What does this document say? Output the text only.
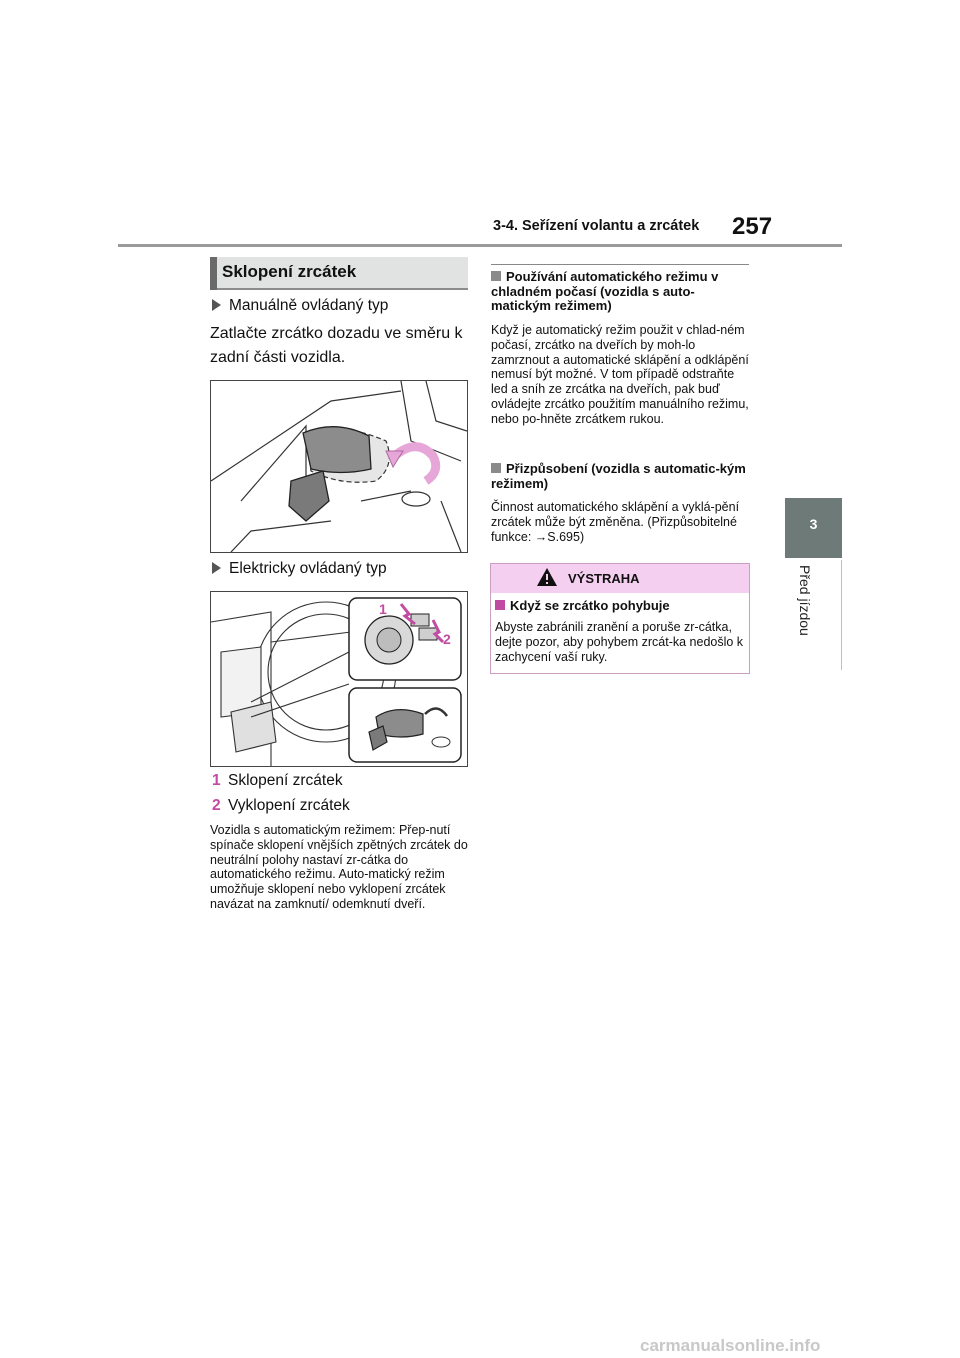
3-4. Seřízení volantu a zrcátek 257
3
Před jízdou
Sklopení zrcátek
Manuálně ovládaný typ
Zatlačte zrcátko dozadu ve směru k zadní části vozidla.
Elektricky ovládaný typ
1
2
1 Sklopení zrcátek
2 Vyklopení zrcátek
Vozidla s automatickým režimem: Přep-nutí spínače sklopení vnějších zpětných zrcátek do neutrální polohy nastaví zr-cátka do automatického režimu. Auto-matický režim umožňuje sklopení nebo vyklopení zrcátek navázat na zamknutí/ odemknutí dveří.
Používání automatického režimu v chladném počasí (vozidla s auto-matickým režimem)
Když je automatický režim použit v chlad-ném počasí, zrcátko na dveřích by moh-lo zamrznout a automatické sklápění a odklápění nemusí být možné. V tom případě odstraňte led a sníh ze zrcátka na dveřích, pak buď ovládejte zrcátko použitím manuálního režimu, nebo po-hněte zrcátkem rukou.
Přizpůsobení (vozidla s automatic-kým režimem)
Činnost automatického sklápění a vyklá-pění zrcátek může být změněna. (Přizpůsobitelné funkce: →S.695)
VÝSTRAHA
Když se zrcátko pohybuje
Abyste zabránili zranění a poruše zr-cátka, dejte pozor, aby pohybem zrcát-ka nedošlo k zachycení vaší ruky.
carmanualsonline.info
